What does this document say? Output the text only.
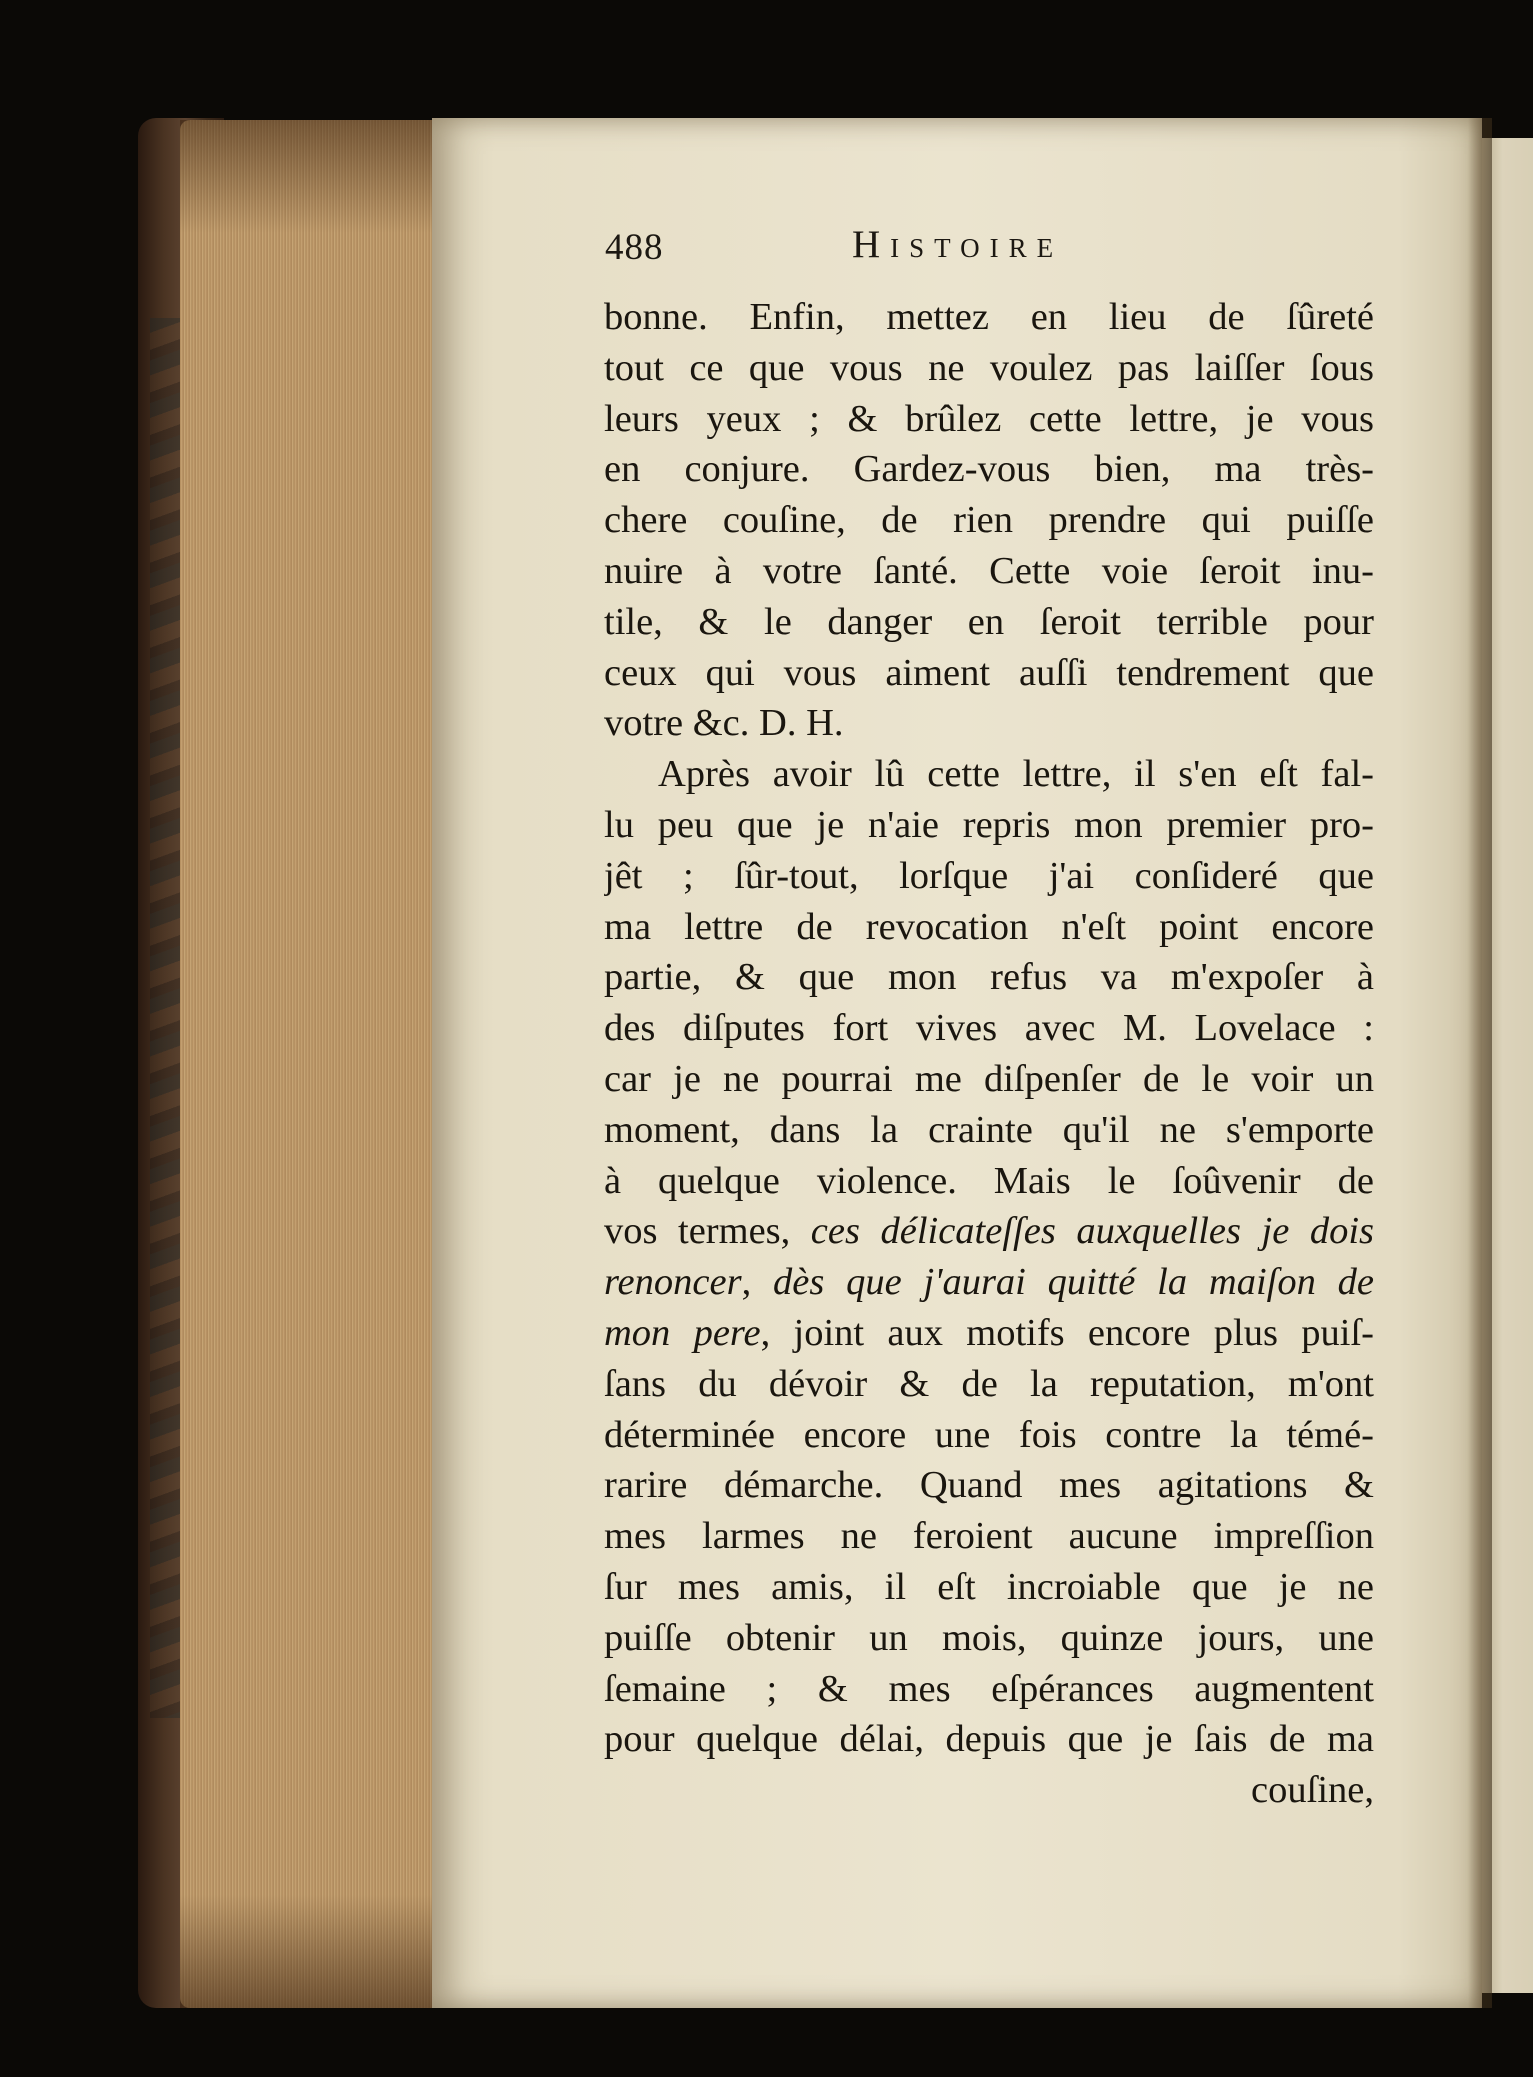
488	Histoire
bonne. Enfin, mettez en lieu de ſûreté
tout ce que vous ne voulez pas laiſſer ſous
leurs yeux ; & brûlez cette lettre, je vous
en conjure. Gardez-vous bien, ma très-
chere couſine, de rien prendre qui puiſſe
nuire à votre ſanté. Cette voie ſeroit inu-
tile, & le danger en ſeroit terrible pour
ceux qui vous aiment auſſi tendrement que
votre &c. D. H.
Après avoir lû cette lettre, il s'en eſt fal-
lu peu que je n'aie repris mon premier pro-
jêt ; ſûr-tout, lorſque j'ai conſideré que
ma lettre de revocation n'eſt point encore
partie, & que mon refus va m'expoſer à
des diſputes fort vives avec M. Lovelace :
car je ne pourrai me diſpenſer de le voir un
moment, dans la crainte qu'il ne s'emporte
à quelque violence. Mais le ſoûvenir de
vos termes, ces délicateſſes auxquelles je dois
renoncer, dès que j'aurai quitté la maiſon de
mon pere, joint aux motifs encore plus puiſ-
ſans du dévoir & de la reputation, m'ont
déterminée encore une fois contre la témé-
rarire démarche. Quand mes agitations &
mes larmes ne feroient aucune impreſſion
ſur mes amis, il eſt incroiable que je ne
puiſſe obtenir un mois, quinze jours, une
ſemaine ; & mes eſpérances augmentent
pour quelque délai, depuis que je ſais de ma
couſine,
